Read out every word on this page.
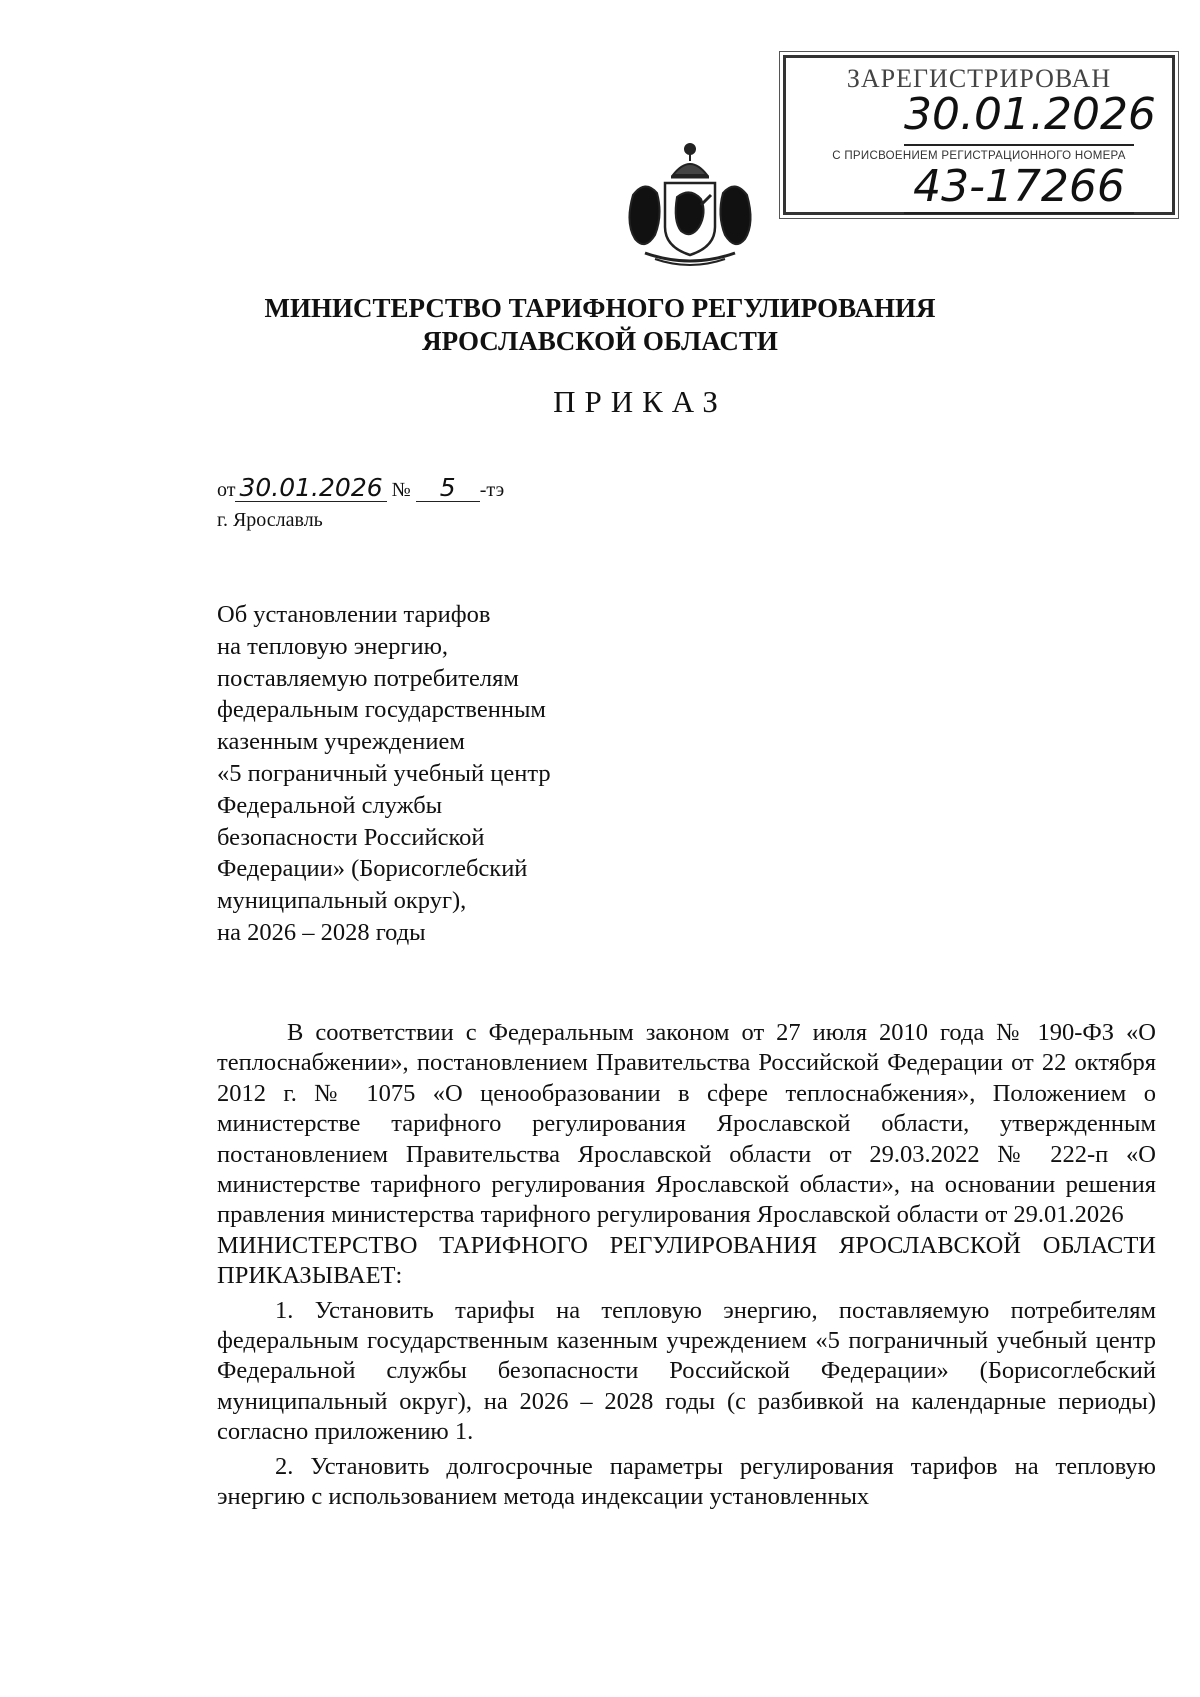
ЗАРЕГИСТРИРОВАН
30.01.2026
С ПРИСВОЕНИЕМ РЕГИСТРАЦИОННОГО НОМЕРА
43-17266
МИНИСТЕРСТВО ТАРИФНОГО РЕГУЛИРОВАНИЯ
ЯРОСЛАВСКОЙ ОБЛАСТИ
ПРИКАЗ
от 30.01.2026 № 5 -тэ
г. Ярославль
Об установлении тарифов
на тепловую энергию,
поставляемую потребителям
федеральным государственным
казенным учреждением
«5 пограничный учебный центр
Федеральной службы
безопасности Российской
Федерации» (Борисоглебский
муниципальный округ),
на 2026 – 2028 годы

В соответствии с Федеральным законом от 27 июля 2010 года № 190-ФЗ «О теплоснабжении», постановлением Правительства Российской Федерации от 22 октября 2012 г. № 1075 «О ценообразовании в сфере теплоснабжения», Положением о министерстве тарифного регулирования Ярославской области, утвержденным постановлением Правительства Ярославской области от 29.03.2022 № 222-п «О министерстве тарифного регулирования Ярославской области», на основании решения правления министерства тарифного регулирования Ярославской области от 29.01.2026

МИНИСТЕРСТВО ТАРИФНОГО РЕГУЛИРОВАНИЯ ЯРОСЛАВСКОЙ ОБЛАСТИ ПРИКАЗЫВАЕТ:

1. Установить тарифы на тепловую энергию, поставляемую потребителям федеральным государственным казенным учреждением «5 пограничный учебный центр Федеральной службы безопасности Российской Федерации» (Борисоглебский муниципальный округ), на 2026 – 2028 годы (с разбивкой на календарные периоды) согласно приложению 1.

2. Установить долгосрочные параметры регулирования тарифов на тепловую энергию с использованием метода индексации установленных
